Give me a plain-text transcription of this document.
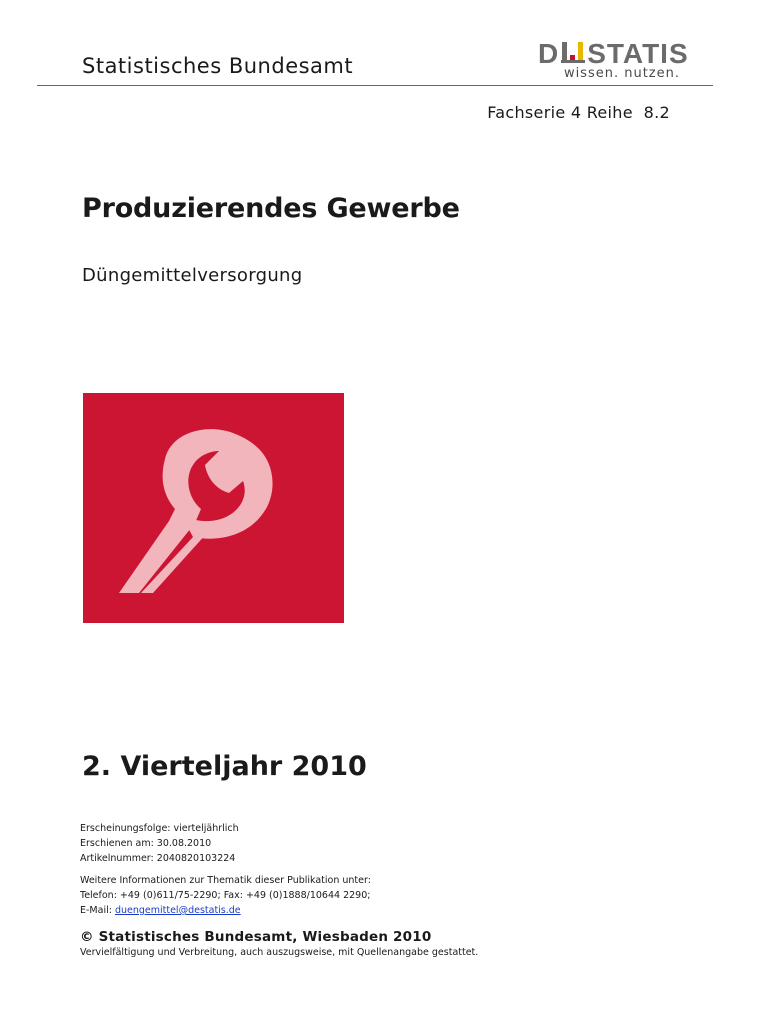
Statistisches Bundesamt	D STATIS
wissen. nutzen.
Fachserie 4 Reihe  8.2
Produzierendes Gewerbe
Düngemittelversorgung
2. Vierteljahr 2010
Erscheinungsfolge: vierteljährlich
Erschienen am: 30.08.2010
Artikelnummer: 2040820103224
Weitere Informationen zur Thematik dieser Publikation unter:
Telefon: +49 (0)611/75-2290; Fax: +49 (0)1888/10644 2290;
E-Mail: duengemittel@destatis.de
© Statistisches Bundesamt, Wiesbaden 2010
Vervielfältigung und Verbreitung, auch auszugsweise, mit Quellenangabe gestattet.
